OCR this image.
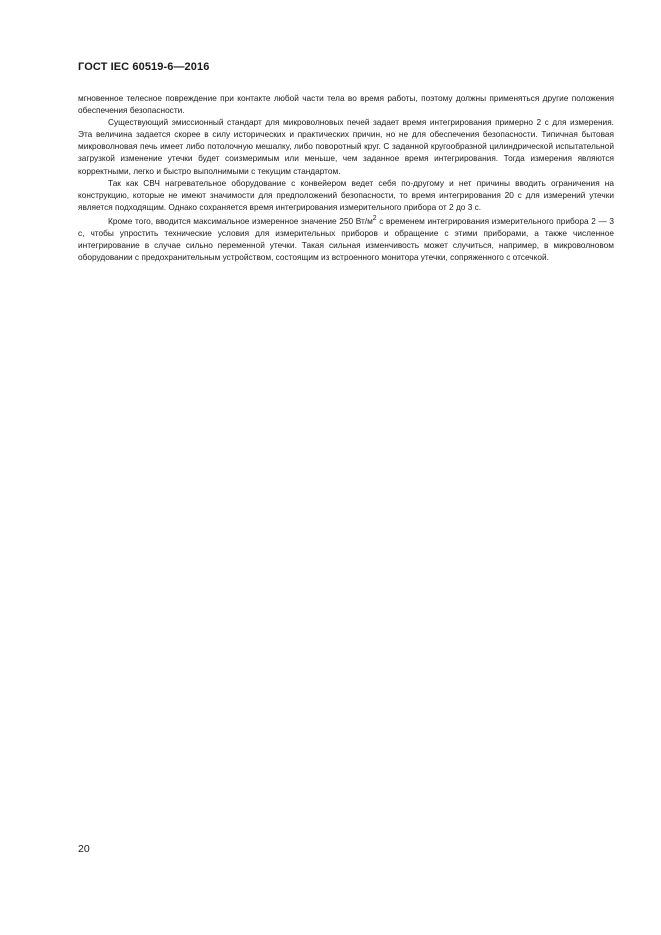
ГОСТ IEC 60519-6—2016

мгновенное телесное повреждение при контакте любой части тела во время работы, поэтому должны применяться другие положения обеспечения безопасности.

Существующий эмиссионный стандарт для микроволновых печей задает время интегрирования примерно 2 с для измерения. Эта величина задается скорее в силу исторических и практических причин, но не для обеспечения безопасности. Типичная бытовая микроволновая печь имеет либо потолочную мешалку, либо поворотный круг. С заданной кругообразной цилиндрической испытательной загрузкой изменение утечки будет соизмеримым или меньше, чем заданное время интегрирования. Тогда измерения являются корректными, легко и быстро выполнимыми с текущим стандартом.

Так как СВЧ нагревательное оборудование с конвейером ведет себя по-другому и нет причины вводить ограничения на конструкцию, которые не имеют значимости для предположений безопасности, то время интегрирования 20 с для измерений утечки является подходящим. Однако сохраняется время интегрирования измерительного прибора от 2 до 3 с.

Кроме того, вводится максимальное измеренное значение 250 $Вт/м^2$ с временем интегрирования измерительного прибора 2 — 3 с, чтобы упростить технические условия для измерительных приборов и обращение с этими приборами, а также численное интегрирование в случае сильно переменной утечки. Такая сильная изменчивость может случиться, например, в микроволновом оборудовании с предохранительным устройством, состоящим из встроенного монитора утечки, сопряженного с отсечкой.

20
